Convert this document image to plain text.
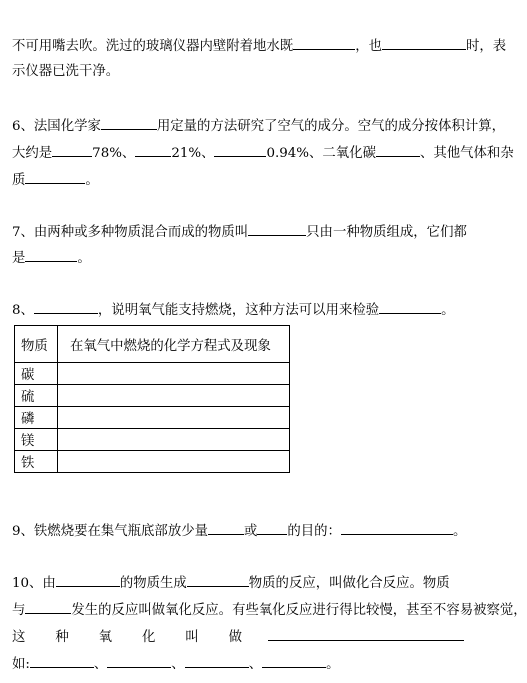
不可用嘴去吹。洗过的玻璃仪器内壁附着地水既	，也	时，表
示仪器已洗干净。
6、法国化学家	用定量的方法研究了空气的成分。空气的成分按体积计算，
大约是	78%、	21%、	0.94%、二氧化碳	、其他气体和杂
质	。
7、由两种或多种物质混合而成的物质叫	只由一种物质组成，它们都
是	。
8、	，说明氧气能支持燃烧，这种方法可以用来检验	。
物质	在氧气中燃烧的化学方程式及现象
碳	
硫	
磷	
镁	
铁	
9、铁燃烧要在集气瓶底部放少量	或 的目的：	。
10、由	的物质生成	物质的反应，叫做化合反应。物质
与	发生的反应叫做氧化反应。有些氧化反应进行得比较慢，甚至不容易被察觉，
这 种 氧 化 叫 做
如:	、	、	、	。
